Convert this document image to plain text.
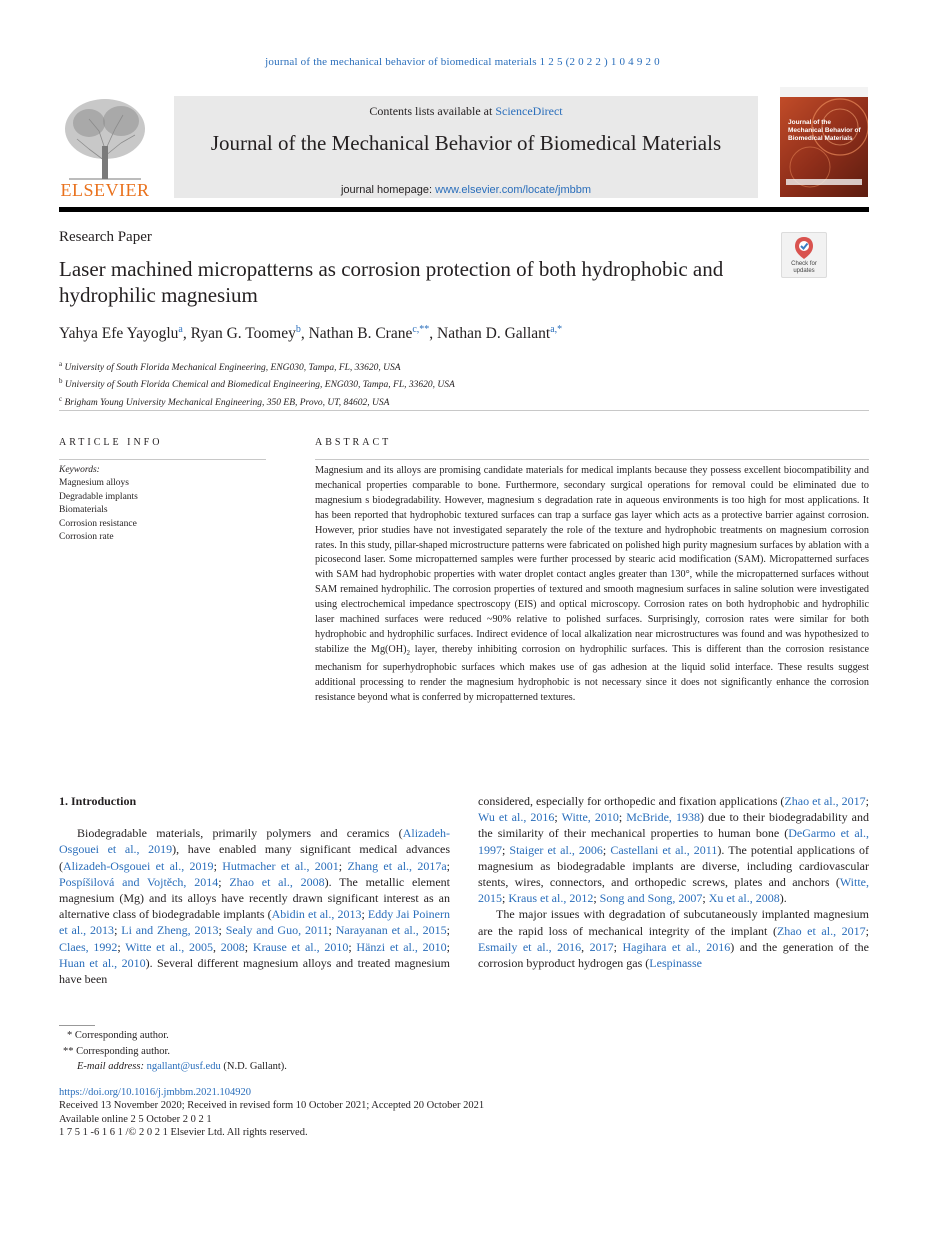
journal of the mechanical behavior of biomedical materials 1 2 5 (2 0 2 2 ) 1 0 4 9 2 0
ELSEVIER
Contents lists available at ScienceDirect
Journal of the Mechanical Behavior of Biomedical Materials
journal homepage: www.elsevier.com/locate/jmbbm
Journal of the Mechanical Behavior of Biomedical Materials
Research Paper
Check for updates
Laser machined micropatterns as corrosion protection of both hydrophobic and hydrophilic magnesium
Yahya Efe Yayoglu$^a$, Ryan G. Toomey$^b$, Nathan B. Crane$^{c,**}$, Nathan D. Gallant$^{a,*}$
$^a$ University of South Florida Mechanical Engineering, ENG030, Tampa, FL, 33620, USA
$^b$ University of South Florida Chemical and Biomedical Engineering, ENG030, Tampa, FL, 33620, USA
$^c$ Brigham Young University Mechanical Engineering, 350 EB, Provo, UT, 84602, USA
ARTICLE INFO
Keywords:
Magnesium alloys
Degradable implants
Biomaterials
Corrosion resistance
Corrosion rate
ABSTRACT
Magnesium and its alloys are promising candidate materials for medical implants because they possess excellent biocompatibility and mechanical properties comparable to bone. Furthermore, secondary surgical operations for removal could be eliminated due to magnesium s biodegradability. However, magnesium s degradation rate in aqueous environments is too high for most applications. It has been reported that hydrophobic textured surfaces can trap a surface gas layer which acts as a protective barrier against corrosion. However, prior studies have not investigated separately the role of the texture and hydrophobic treatments on magnesium corrosion rates. In this study, pillar-shaped microstructure patterns were fabricated on polished high purity magnesium surfaces by ablation with a picosecond laser. Some micropatterned samples were further processed by stearic acid modification (SAM). Micropatterned surfaces with SAM had hydrophobic properties with water droplet contact angles greater than 130°, while the micropatterned surfaces without SAM remained hydrophilic. The corrosion properties of textured and smooth magnesium surfaces in saline solution were investigated using electrochemical impedance spectroscopy (EIS) and optical microscopy. Corrosion rates on both hydrophobic and hydrophilic laser machined surfaces were reduced ~90% relative to polished surfaces. Surprisingly, corrosion rates were similar for both hydrophobic and hydrophilic surfaces. Indirect evidence of local alkalization near microstructures was found and was hypothesized to stabilize the $Mg(OH)_2$ layer, thereby inhibiting corrosion on hydrophilic surfaces. This is different than the corrosion resistance mechanism for superhydrophobic surfaces which makes use of gas adhesion at the liquid solid interface. These results suggest additional processing to render the magnesium hydrophobic is not necessary since it does not significantly enhance the corrosion resistance beyond what is conferred by micropatterned textures.
1. Introduction

Biodegradable materials, primarily polymers and ceramics (Alizadeh-Osgouei et al., 2019), have enabled many significant medical advances (Alizadeh-Osgouei et al., 2019; Hutmacher et al., 2001; Zhang et al., 2017a; Pospíšilová and Vojtěch, 2014; Zhao et al., 2008). The metallic element magnesium (Mg) and its alloys have recently drawn significant interest as an alternative class of biodegradable implants (Abidin et al., 2013; Eddy Jai Poinern et al., 2013; Li and Zheng, 2013; Sealy and Guo, 2011; Narayanan et al., 2015; Claes, 1992; Witte et al., 2005, 2008; Krause et al., 2010; Hänzi et al., 2010; Huan et al., 2010). Several different magnesium alloys and treated magnesium have been

considered, especially for orthopedic and fixation applications (Zhao et al., 2017; Wu et al., 2016; Witte, 2010; McBride, 1938) due to their biodegradability and the similarity of their mechanical properties to human bone (DeGarmo et al., 1997; Staiger et al., 2006; Castellani et al., 2011). The potential applications of magnesium as biodegradable implants are diverse, including cardiovascular stents, wires, connectors, and orthopedic screws, plates and anchors (Witte, 2015; Kraus et al., 2012; Song and Song, 2007; Xu et al., 2008).

The major issues with degradation of subcutaneously implanted magnesium are the rapid loss of mechanical integrity of the implant (Zhao et al., 2017; Esmaily et al., 2016, 2017; Hagihara et al., 2016) and the generation of the corrosion byproduct hydrogen gas (Lespinasse

* Corresponding author.
** Corresponding author.
E-mail address: ngallant@usf.edu (N.D. Gallant).
https://doi.org/10.1016/j.jmbbm.2021.104920
Received 13 November 2020; Received in revised form 10 October 2021; Accepted 20 October 2021
Available online 2 5 October 2 0 2 1
1 7 5 1 -6 1 6 1 /© 2 0 2 1 Elsevier Ltd. All rights reserved.
